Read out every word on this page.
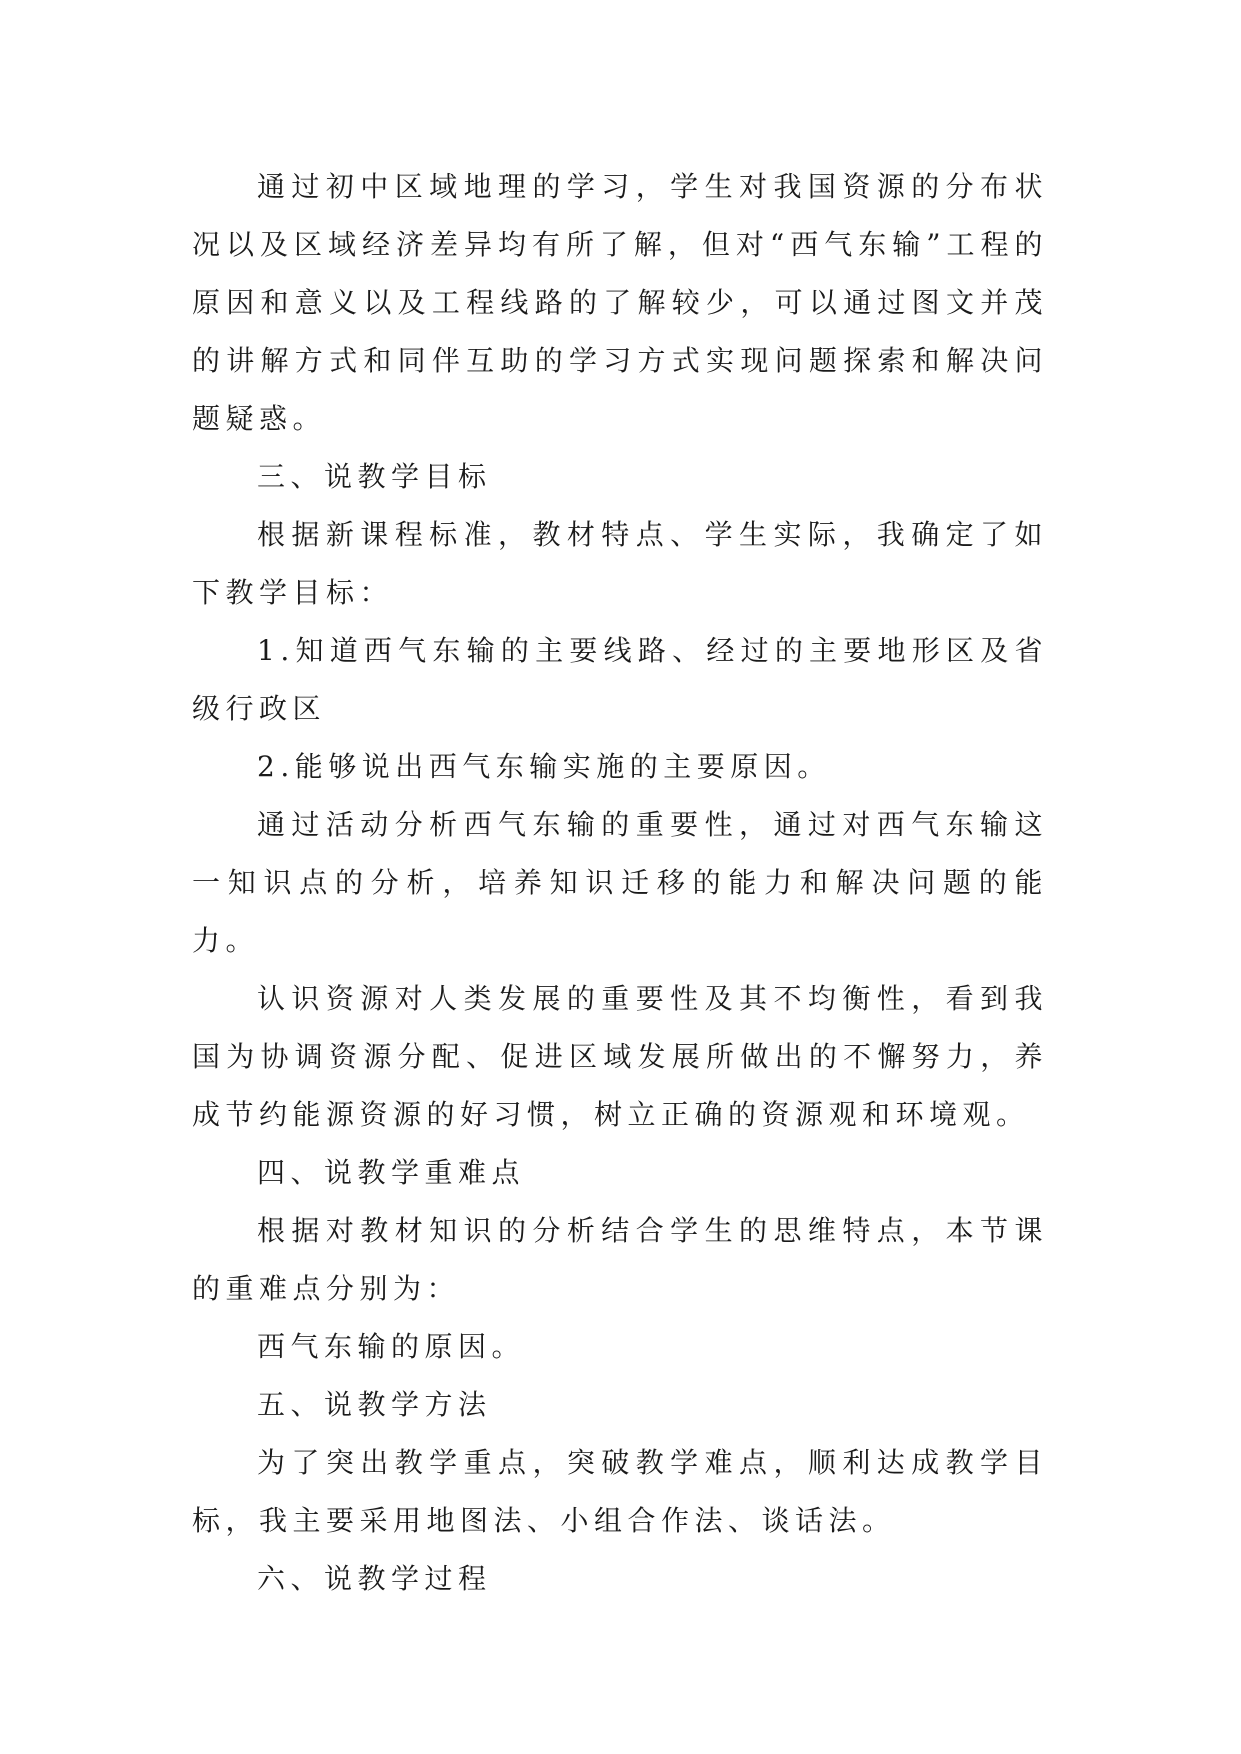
通过初中区域地理的学习，学生对我国资源的分布状况以及区域经济差异均有所了解，但对“西气东输”工程的原因和意义以及工程线路的了解较少，可以通过图文并茂的讲解方式和同伴互助的学习方式实现问题探索和解决问题疑惑。

三、说教学目标

根据新课程标准，教材特点、学生实际，我确定了如下教学目标：

1.知道西气东输的主要线路、经过的主要地形区及省级行政区

2.能够说出西气东输实施的主要原因。

通过活动分析西气东输的重要性，通过对西气东输这一知识点的分析，培养知识迁移的能力和解决问题的能力。

认识资源对人类发展的重要性及其不均衡性，看到我国为协调资源分配、促进区域发展所做出的不懈努力，养成节约能源资源的好习惯，树立正确的资源观和环境观。

四、说教学重难点

根据对教材知识的分析结合学生的思维特点，本节课的重难点分别为：

西气东输的原因。

五、说教学方法

为了突出教学重点，突破教学难点，顺利达成教学目标，我主要采用地图法、小组合作法、谈话法。

六、说教学过程
